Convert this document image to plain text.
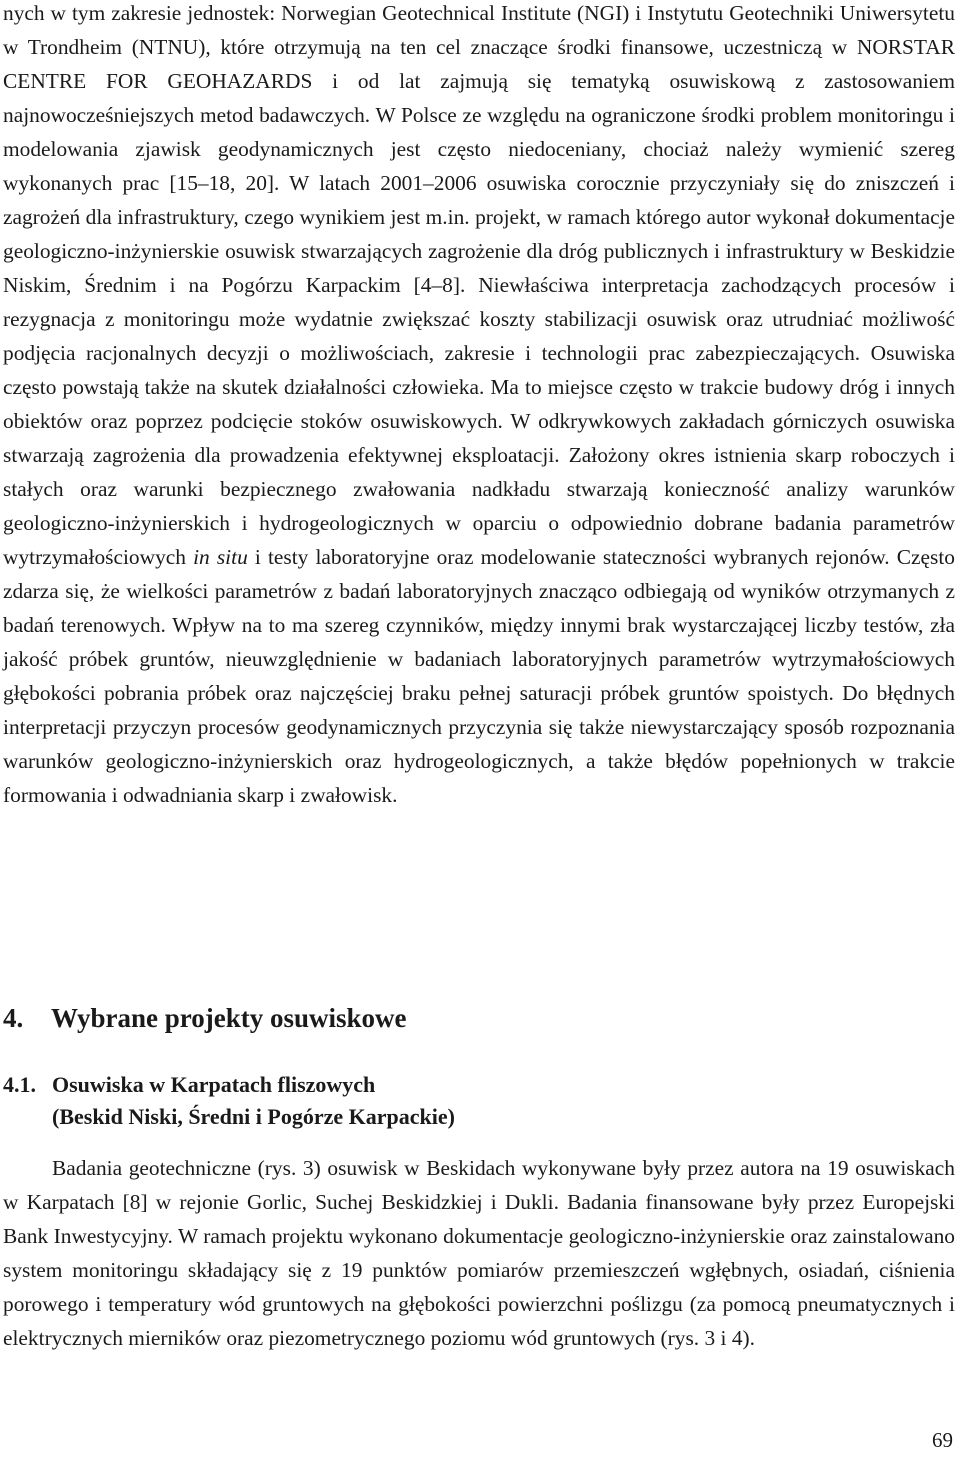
nych w tym zakresie jednostek: Norwegian Geotechnical Institute (NGI) i Instytutu Geotechniki Uniwersytetu w Trondheim (NTNU), które otrzymują na ten cel znaczące środki finansowe, uczestniczą w NORSTAR CENTRE FOR GEOHAZARDS i od lat zajmują się tematyką osuwiskową z zastosowaniem najnowocześniejszych metod badawczych. W Polsce ze względu na ograniczone środki problem monitoringu i modelowania zjawisk geodynamicznych jest często niedoceniany, chociaż należy wymienić szereg wykonanych prac [15–18, 20]. W latach 2001–2006 osuwiska corocznie przyczyniały się do zniszczeń i zagrożeń dla infrastruktury, czego wynikiem jest m.in. projekt, w ramach którego autor wykonał dokumentacje geologiczno-inżynierskie osuwisk stwarzających zagrożenie dla dróg publicznych i infrastruktury w Beskidzie Niskim, Średnim i na Pogórzu Karpackim [4–8]. Niewłaściwa interpretacja zachodzących procesów i rezygnacja z monitoringu może wydatnie zwiększać koszty stabilizacji osuwisk oraz utrudniać możliwość podjęcia racjonalnych decyzji o możliwościach, zakresie i technologii prac zabezpieczających. Osuwiska często powstają także na skutek działalności człowieka. Ma to miejsce często w trakcie budowy dróg i innych obiektów oraz poprzez podcięcie stoków osuwiskowych. W odkrywkowych zakładach górniczych osuwiska stwarzają zagrożenia dla prowadzenia efektywnej eksploatacji. Założony okres istnienia skarp roboczych i stałych oraz warunki bezpiecznego zwałowania nadkładu stwarzają konieczność analizy warunków geologiczno-inżynierskich i hydrogeologicznych w oparciu o odpowiednio dobrane badania parametrów wytrzymałościowych in situ i testy laboratoryjne oraz modelowanie stateczności wybranych rejonów. Często zdarza się, że wielkości parametrów z badań laboratoryjnych znacząco odbiegają od wyników otrzymanych z badań terenowych. Wpływ na to ma szereg czynników, między innymi brak wystarczającej liczby testów, zła jakość próbek gruntów, nieuwzględnienie w badaniach laboratoryjnych parametrów wytrzymałościowych głębokości pobrania próbek oraz najczęściej braku pełnej saturacji próbek gruntów spoistych. Do błędnych interpretacji przyczyn procesów geodynamicznych przyczynia się także niewystarczający sposób rozpoznania warunków geologiczno-inżynierskich oraz hydrogeologicznych, a także błędów popełnionych w trakcie formowania i odwadniania skarp i zwałowisk.

4. Wybrane projekty osuwiskowe
4.1. Osuwiska w Karpatach fliszowych
(Beskid Niski, Średni i Pogórze Karpackie)

Badania geotechniczne (rys. 3) osuwisk w Beskidach wykonywane były przez autora na 19 osuwiskach w Karpatach [8] w rejonie Gorlic, Suchej Beskidzkiej i Dukli. Badania finansowane były przez Europejski Bank Inwestycyjny. W ramach projektu wykonano dokumentacje geologiczno-inżynierskie oraz zainstalowano system monitoringu składający się z 19 punktów pomiarów przemieszczeń wgłębnych, osiadań, ciśnienia porowego i temperatury wód gruntowych na głębokości powierzchni poślizgu (za pomocą pneumatycznych i elektrycznych mierników oraz piezometrycznego poziomu wód gruntowych (rys. 3 i 4).

69
